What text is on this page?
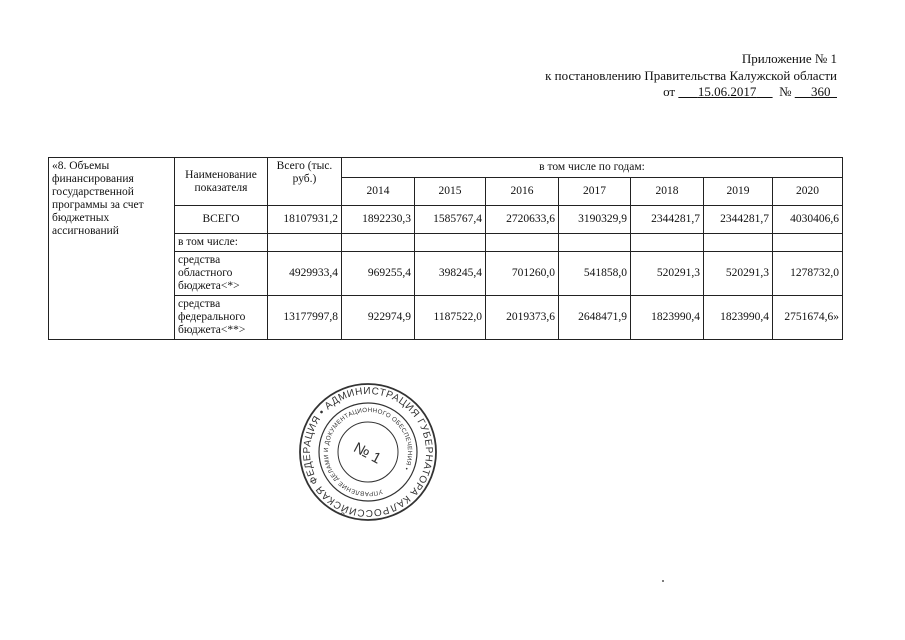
Приложение № 1
к постановлению Правительства Калужской области
от 15.06.2017 № 360
«8. Объемы финансирования государственной программы за счет бюджетных ассигнований	Наименование показателя	Всего (тыс. руб.)	в том числе по годам:						
			2014	2015	2016	2017	2018	2019	2020
	ВСЕГО	18107931,2	1892230,3	1585767,4	2720633,6	3190329,9	2344281,7	2344281,7	4030406,6
	в том числе:								
	средства областного бюджета<*>	4929933,4	969255,4	398245,4	701260,0	541858,0	520291,3	520291,3	1278732,0
	средства федерального бюджета<**>	13177997,8	922974,9	1187522,0	2019373,6	2648471,9	1823990,4	1823990,4	2751674,6»
РОССИЙСКАЯ ФЕДЕРАЦИЯ • АДМИНИСТРАЦИЯ ГУБЕРНАТОРА КАЛУЖСКОЙ
УПРАВЛЕНИЕ ДЕЛАМИ И ДОКУМЕНТАЦИОННОГО ОБЕСПЕЧЕНИЯ •
№ 1
